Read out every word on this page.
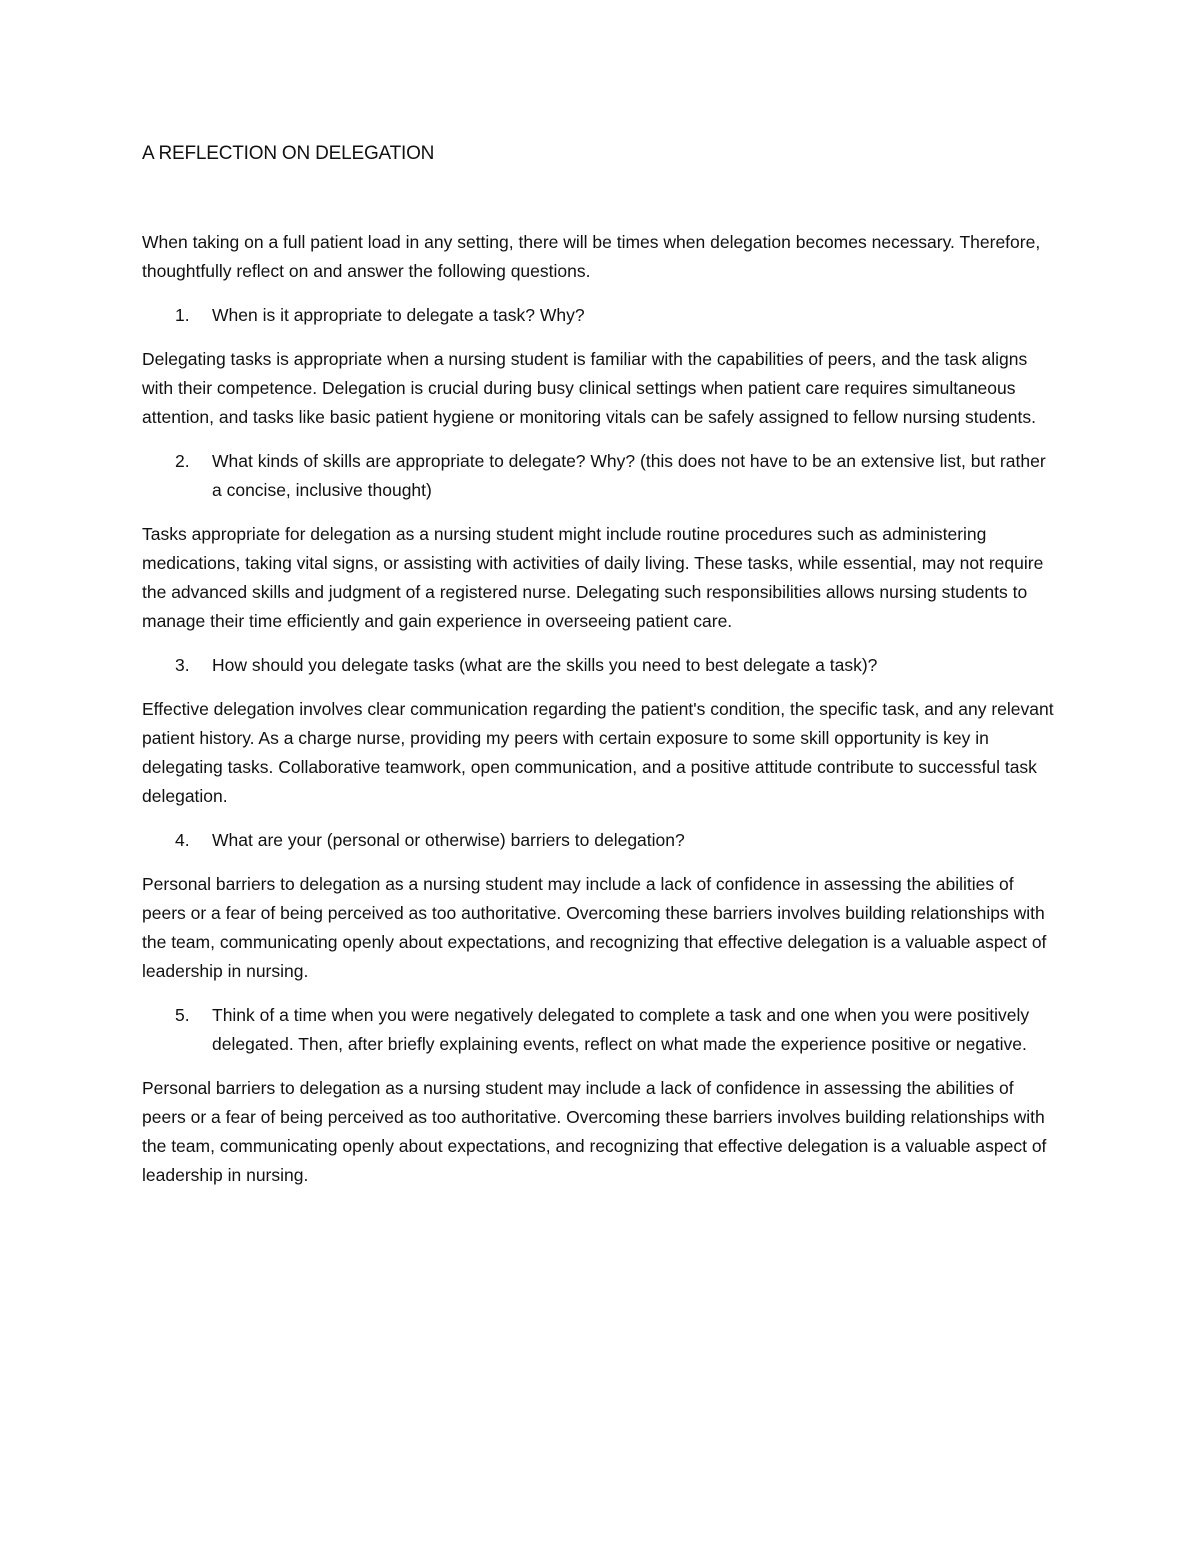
A REFLECTION ON DELEGATION

When taking on a full patient load in any setting, there will be times when delegation becomes necessary. Therefore, thoughtfully reflect on and answer the following questions.

1.	When is it appropriate to delegate a task? Why?

Delegating tasks is appropriate when a nursing student is familiar with the capabilities of peers, and the task aligns with their competence. Delegation is crucial during busy clinical settings when patient care requires simultaneous attention, and tasks like basic patient hygiene or monitoring vitals can be safely assigned to fellow nursing students.

2.	What kinds of skills are appropriate to delegate? Why? (this does not have to be an extensive list, but rather a concise, inclusive thought)

Tasks appropriate for delegation as a nursing student might include routine procedures such as administering medications, taking vital signs, or assisting with activities of daily living. These tasks, while essential, may not require the advanced skills and judgment of a registered nurse. Delegating such responsibilities allows nursing students to manage their time efficiently and gain experience in overseeing patient care.

3.	How should you delegate tasks (what are the skills you need to best delegate a task)?

Effective delegation involves clear communication regarding the patient's condition, the specific task, and any relevant patient history. As a charge nurse, providing my peers with certain exposure to some skill opportunity is key in delegating tasks. Collaborative teamwork, open communication, and a positive attitude contribute to successful task delegation.

4.	What are your (personal or otherwise) barriers to delegation?

Personal barriers to delegation as a nursing student may include a lack of confidence in assessing the abilities of peers or a fear of being perceived as too authoritative. Overcoming these barriers involves building relationships with the team, communicating openly about expectations, and recognizing that effective delegation is a valuable aspect of leadership in nursing.

5.	Think of a time when you were negatively delegated to complete a task and one when you were positively delegated. Then, after briefly explaining events, reflect on what made the experience positive or negative.

Personal barriers to delegation as a nursing student may include a lack of confidence in assessing the abilities of peers or a fear of being perceived as too authoritative. Overcoming these barriers involves building relationships with the team, communicating openly about expectations, and recognizing that effective delegation is a valuable aspect of leadership in nursing.
